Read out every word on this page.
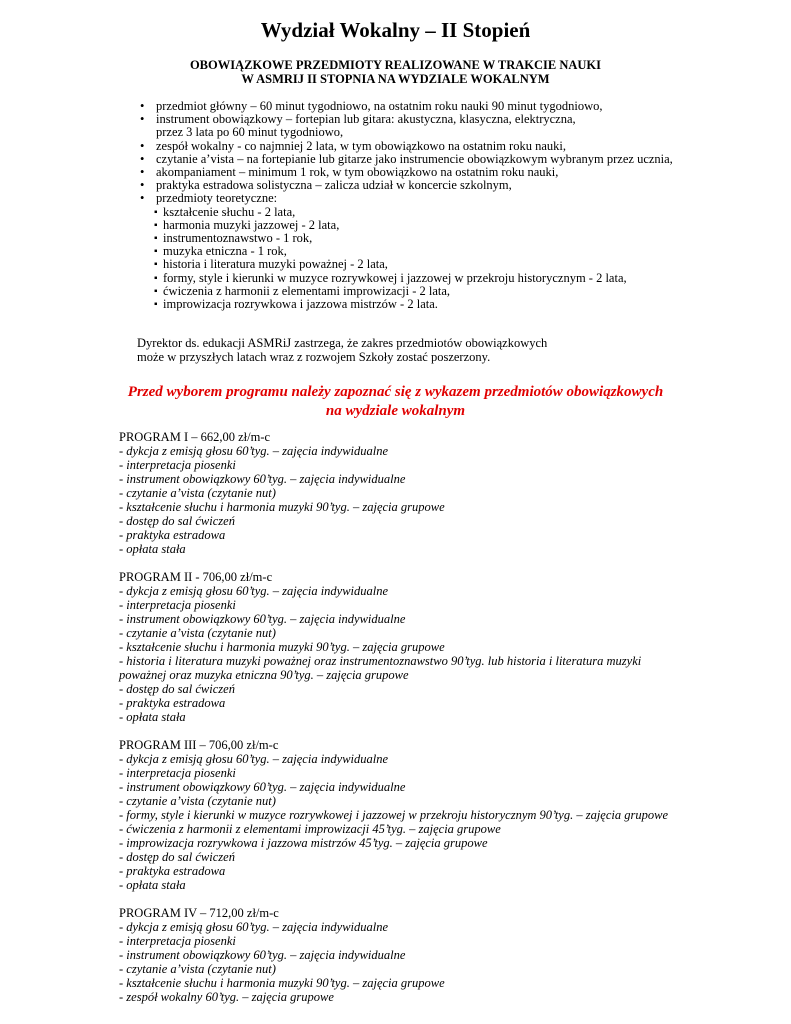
Wydział Wokalny – II Stopień
OBOWIĄZKOWE PRZEDMIOTY REALIZOWANE W TRAKCIE NAUKI
W ASMRIJ II STOPNIA NA WYDZIALE WOKALNYM
• przedmiot główny – 60 minut tygodniowo, na ostatnim roku nauki 90 minut tygodniowo,
• instrument obowiązkowy – fortepian lub gitara: akustyczna, klasyczna, elektryczna,
przez 3 lata po 60 minut tygodniowo,
• zespół wokalny - co najmniej 2 lata, w tym obowiązkowo na ostatnim roku nauki,
• czytanie a’vista – na fortepianie lub gitarze jako instrumencie obowiązkowym wybranym przez ucznia,
• akompaniament – minimum 1 rok, w tym obowiązkowo na ostatnim roku nauki,
• praktyka estradowa solistyczna – zalicza udział w koncercie szkolnym,
• przedmioty teoretyczne:
▪ kształcenie słuchu - 2 lata,
▪ harmonia muzyki jazzowej - 2 lata,
▪ instrumentoznawstwo - 1 rok,
▪ muzyka etniczna - 1 rok,
▪ historia i literatura muzyki poważnej - 2 lata,
▪ formy, style i kierunki w muzyce rozrywkowej i jazzowej w przekroju historycznym - 2 lata,
▪ ćwiczenia z harmonii z elementami improwizacji - 2 lata,
▪ improwizacja rozrywkowa i jazzowa mistrzów - 2 lata.
Dyrektor ds. edukacji ASMRiJ zastrzega, że zakres przedmiotów obowiązkowych
może w przyszłych latach wraz z rozwojem Szkoły zostać poszerzony.
Przed wyborem programu należy zapoznać się z wykazem przedmiotów obowiązkowych
na wydziale wokalnym
PROGRAM I – 662,00 zł/m-c
- dykcja z emisją głosu 60’tyg. – zajęcia indywidualne
- interpretacja piosenki
- instrument obowiązkowy 60’tyg. – zajęcia indywidualne
- czytanie a’vista (czytanie nut)
- kształcenie słuchu i harmonia muzyki 90’tyg. – zajęcia grupowe
- dostęp do sal ćwiczeń
- praktyka estradowa
- opłata stała
PROGRAM II - 706,00 zł/m-c
- dykcja z emisją głosu 60’tyg. – zajęcia indywidualne
- interpretacja piosenki
- instrument obowiązkowy 60’tyg. – zajęcia indywidualne
- czytanie a’vista (czytanie nut)
- kształcenie słuchu i harmonia muzyki 90’tyg. – zajęcia grupowe
- historia i literatura muzyki poważnej oraz instrumentoznawstwo 90’tyg. lub historia i literatura muzyki
poważnej oraz muzyka etniczna 90’tyg. – zajęcia grupowe
- dostęp do sal ćwiczeń
- praktyka estradowa
- opłata stała
PROGRAM III – 706,00 zł/m-c
- dykcja z emisją głosu 60’tyg. – zajęcia indywidualne
- interpretacja piosenki
- instrument obowiązkowy 60’tyg. – zajęcia indywidualne
- czytanie a’vista (czytanie nut)
- formy, style i kierunki w muzyce rozrywkowej i jazzowej w przekroju historycznym 90’tyg. – zajęcia grupowe
- ćwiczenia z harmonii z elementami improwizacji 45’tyg. – zajęcia grupowe
- improwizacja rozrywkowa i jazzowa mistrzów 45’tyg. – zajęcia grupowe
- dostęp do sal ćwiczeń
- praktyka estradowa
- opłata stała
PROGRAM IV – 712,00 zł/m-c
- dykcja z emisją głosu 60’tyg. – zajęcia indywidualne
- interpretacja piosenki
- instrument obowiązkowy 60’tyg. – zajęcia indywidualne
- czytanie a’vista (czytanie nut)
- kształcenie słuchu i harmonia muzyki 90’tyg. – zajęcia grupowe
- zespół wokalny 60’tyg. – zajęcia grupowe
